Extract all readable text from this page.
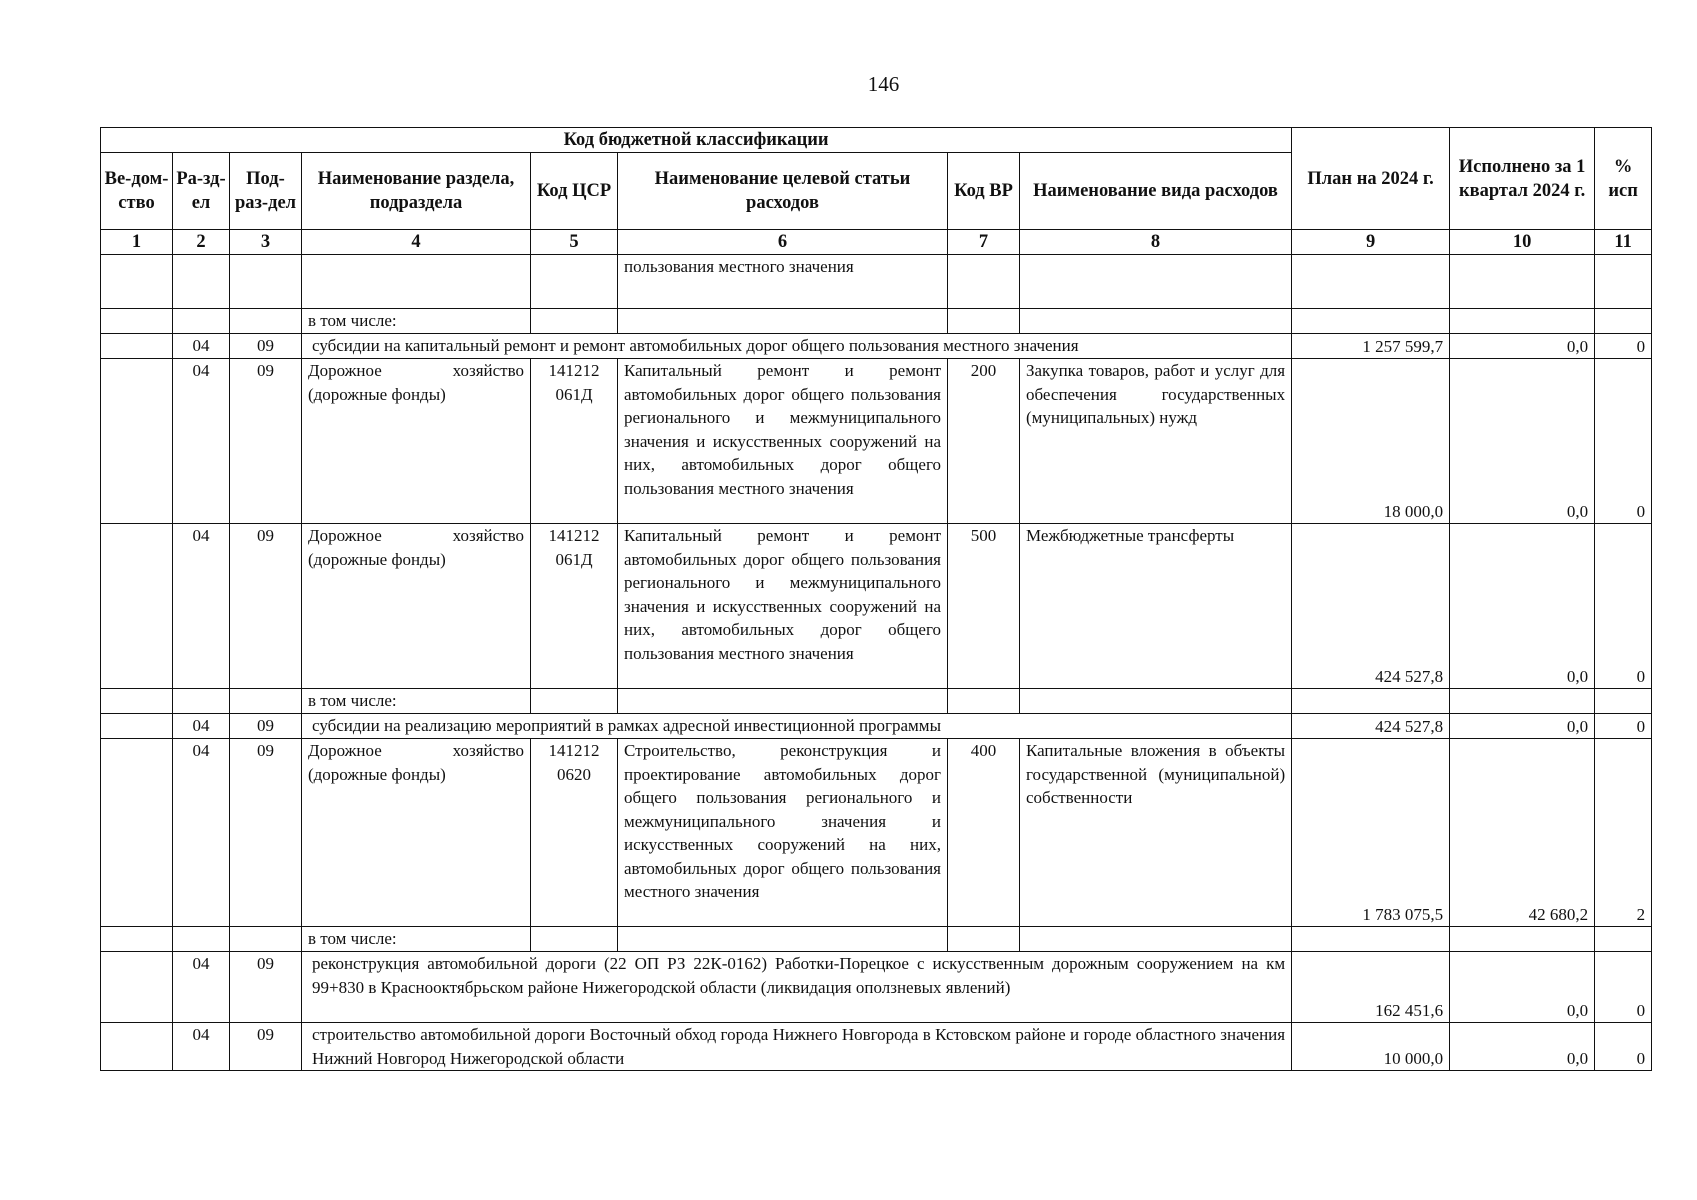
146
Код бюджетной классификации								План на 2024 г.	Исполнено за 1 квартал 2024 г.	% исп
Ве-дом-ство	Ра-зд-ел	Под-раз-дел	Наименование раздела, подраздела	Код ЦСР	Наименование целевой статьи расходов	Код ВР	Наименование вида расходов			
1	2	3	4	5	6	7	8	9	10	11
					пользования местного значения					
			в том числе:							
	04	09	субсидии на капитальный ремонт и ремонт автомобильных дорог общего пользования местного значения					1 257 599,7	0,0	0
	04	09	Дорожное хозяйство (дорожные фонды)	141212 061Д	Капитальный ремонт и ремонт автомобильных дорог общего пользования регионального и межмуниципального значения и искусственных сооружений на них, автомобильных дорог общего пользования местного значения	200	Закупка товаров, работ и услуг для обеспечения государственных (муниципальных) нужд	18 000,0	0,0	0
	04	09	Дорожное хозяйство (дорожные фонды)	141212 061Д	Капитальный ремонт и ремонт автомобильных дорог общего пользования регионального и межмуниципального значения и искусственных сооружений на них, автомобильных дорог общего пользования местного значения	500	Межбюджетные трансферты	424 527,8	0,0	0
			в том числе:							
	04	09	субсидии на реализацию мероприятий в рамках адресной инвестиционной программы					424 527,8	0,0	0
	04	09	Дорожное хозяйство (дорожные фонды)	141212 0620	Строительство, реконструкция и проектирование автомобильных дорог общего пользования регионального и межмуниципального значения и искусственных сооружений на них, автомобильных дорог общего пользования местного значения	400	Капитальные вложения в объекты государственной (муниципальной) собственности	1 783 075,5	42 680,2	2
			в том числе:							
	04	09	реконструкция автомобильной дороги (22 ОП РЗ 22К-0162) Работки-Порецкое с искусственным дорожным сооружением на км 99+830 в Краснооктябрьском районе Нижегородской области (ликвидация оползневых явлений)					162 451,6	0,0	0
	04	09	строительство автомобильной дороги Восточный обход города Нижнего Новгорода в Кстовском районе и городе областного значения Нижний Новгород Нижегородской области					10 000,0	0,0	0
